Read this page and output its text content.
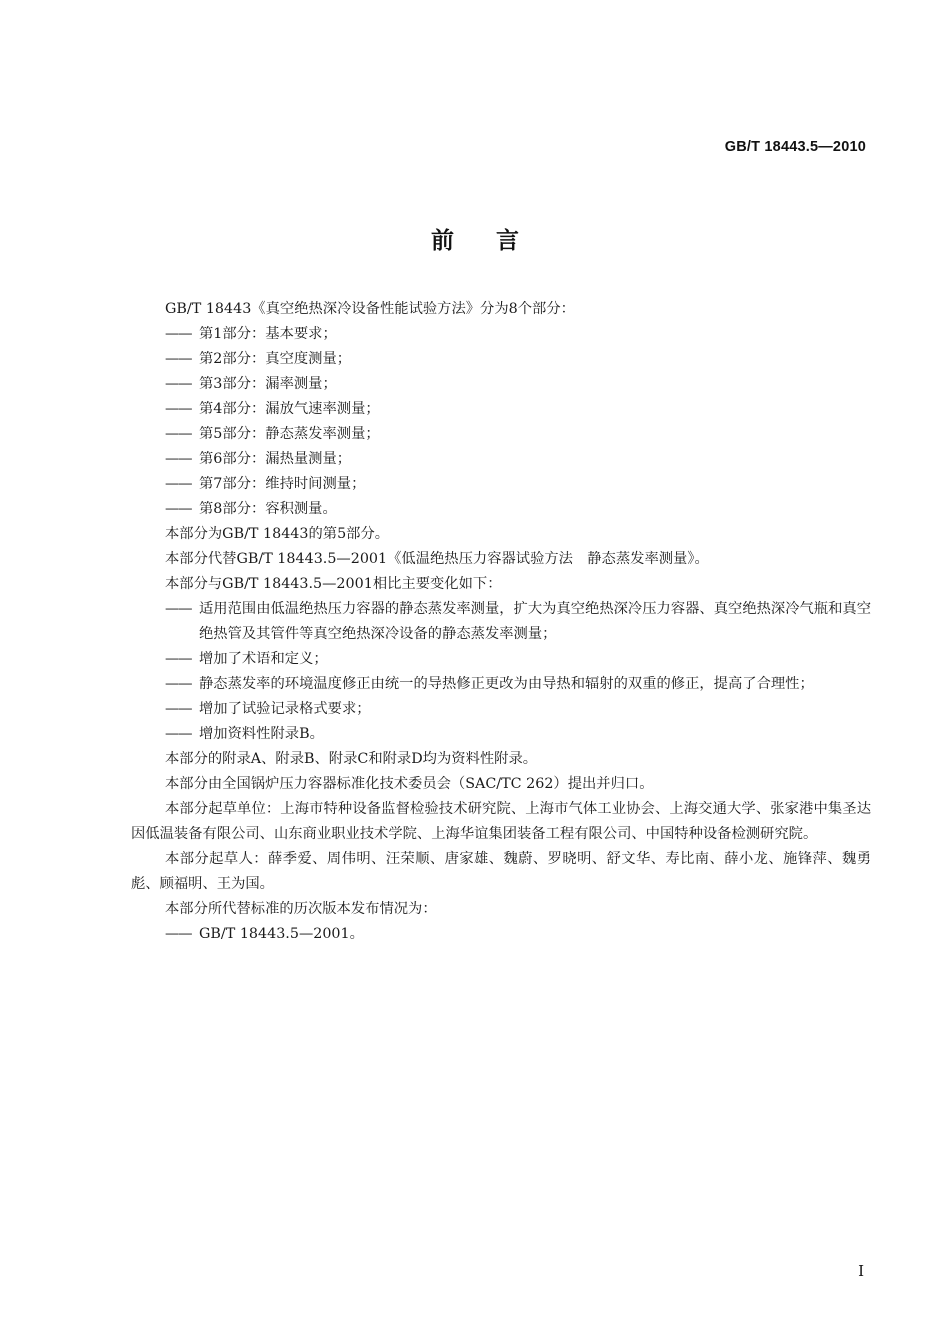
GB/T 18443.5—2010
前言

GB/T 18443《真空绝热深冷设备性能试验方法》分为8个部分：

—— 第1部分：基本要求；

—— 第2部分：真空度测量；

—— 第3部分：漏率测量；

—— 第4部分：漏放气速率测量；

—— 第5部分：静态蒸发率测量；

—— 第6部分：漏热量测量；

—— 第7部分：维持时间测量；

—— 第8部分：容积测量。

本部分为GB/T 18443的第5部分。

本部分代替GB/T 18443.5—2001《低温绝热压力容器试验方法　静态蒸发率测量》。

本部分与GB/T 18443.5—2001相比主要变化如下：

—— 适用范围由低温绝热压力容器的静态蒸发率测量，扩大为真空绝热深冷压力容器、真空绝热深冷气瓶和真空绝热管及其管件等真空绝热深冷设备的静态蒸发率测量；

—— 增加了术语和定义；

—— 静态蒸发率的环境温度修正由统一的导热修正更改为由导热和辐射的双重的修正，提高了合理性；

—— 增加了试验记录格式要求；

—— 增加资料性附录B。

本部分的附录A、附录B、附录C和附录D均为资料性附录。

本部分由全国锅炉压力容器标准化技术委员会（SAC/TC 262）提出并归口。

本部分起草单位：上海市特种设备监督检验技术研究院、上海市气体工业协会、上海交通大学、张家港中集圣达因低温装备有限公司、山东商业职业技术学院、上海华谊集团装备工程有限公司、中国特种设备检测研究院。

本部分起草人：薛季爱、周伟明、汪荣顺、唐家雄、魏蔚、罗晓明、舒文华、寿比南、薛小龙、施锋萍、魏勇彪、顾福明、王为国。

本部分所代替标准的历次版本发布情况为：

—— GB/T 18443.5—2001。

I
